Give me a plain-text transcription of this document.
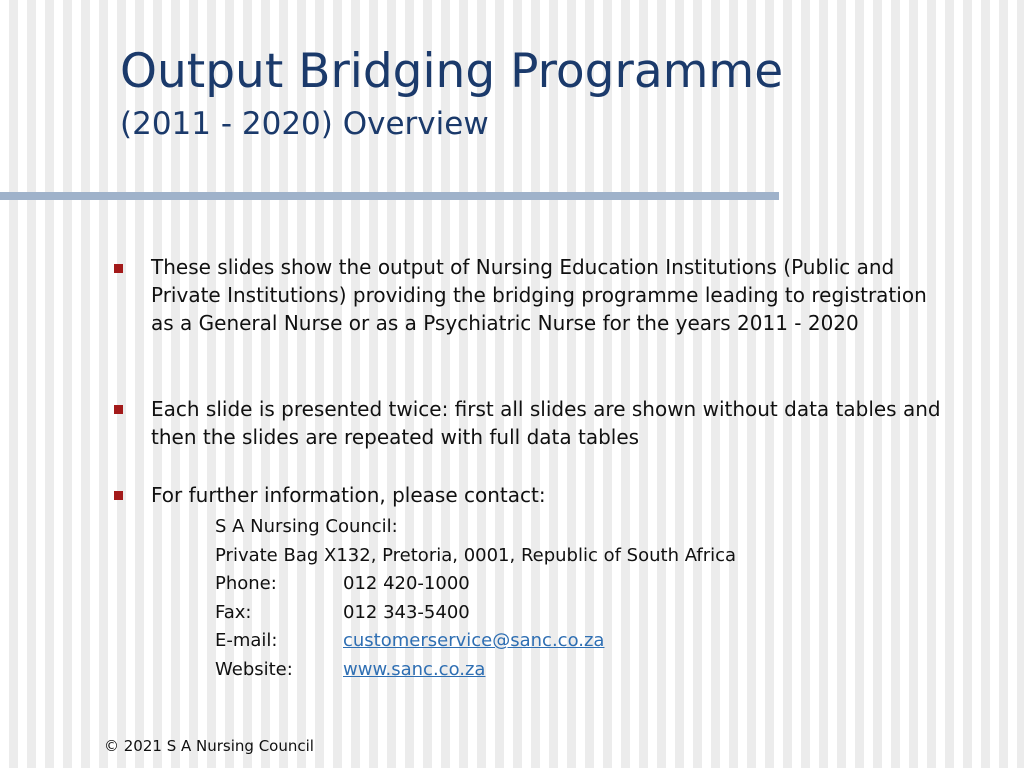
Output Bridging Programme
(2011 - 2020) Overview
These slides show the output of Nursing Education Institutions (Public and Private Institutions) providing the bridging programme leading to registration as a General Nurse or as a Psychiatric Nurse for the years 2011 - 2020
Each slide is presented twice: first all slides are shown without data tables and then the slides are repeated with full data tables
For further information, please contact:
S A Nursing Council:
Private Bag X132, Pretoria, 0001, Republic of South Africa
Phone:	012 420-1000
Fax:	012 343-5400
E-mail:	customerservice@sanc.co.za
Website:	www.sanc.co.za
© 2021 S A Nursing Council
